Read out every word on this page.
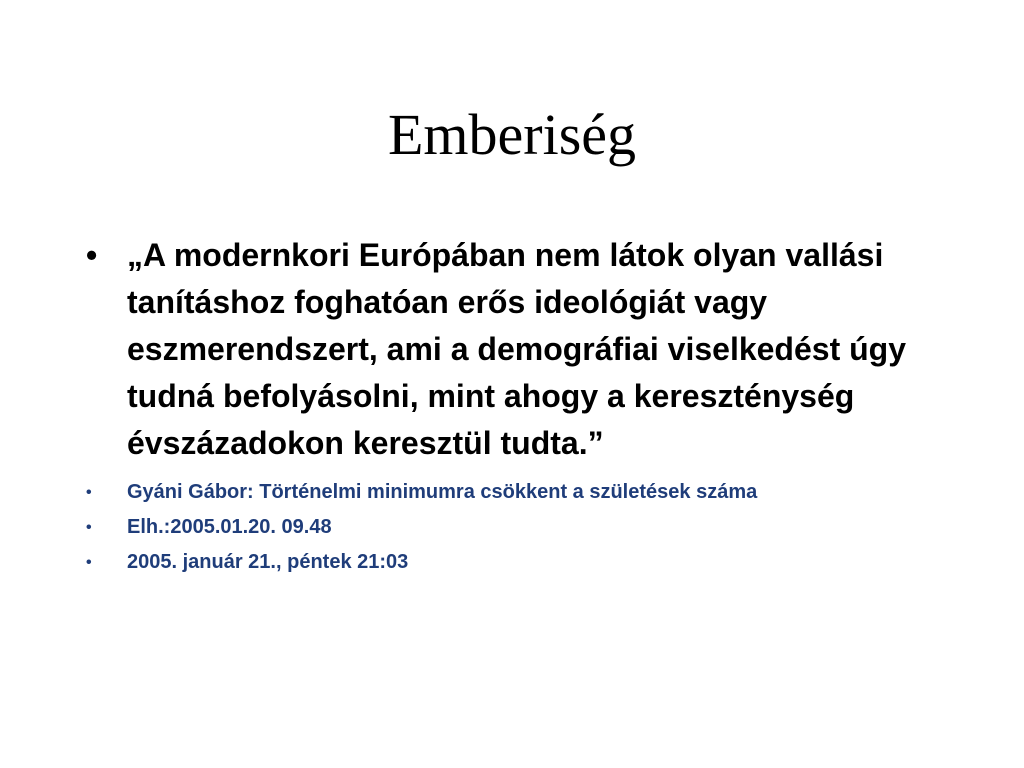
Emberiség
• „A modernkori Európában nem látok olyan vallási tanításhoz foghatóan erős ideológiát vagy eszmerendszert, ami a demográfiai viselkedést úgy tudná befolyásolni, mint ahogy a kereszténység évszázadokon keresztül tudta.”
• Gyáni Gábor: Történelmi minimumra csökkent a születések száma
• Elh.:2005.01.20. 09.48
• 2005. január 21., péntek 21:03
